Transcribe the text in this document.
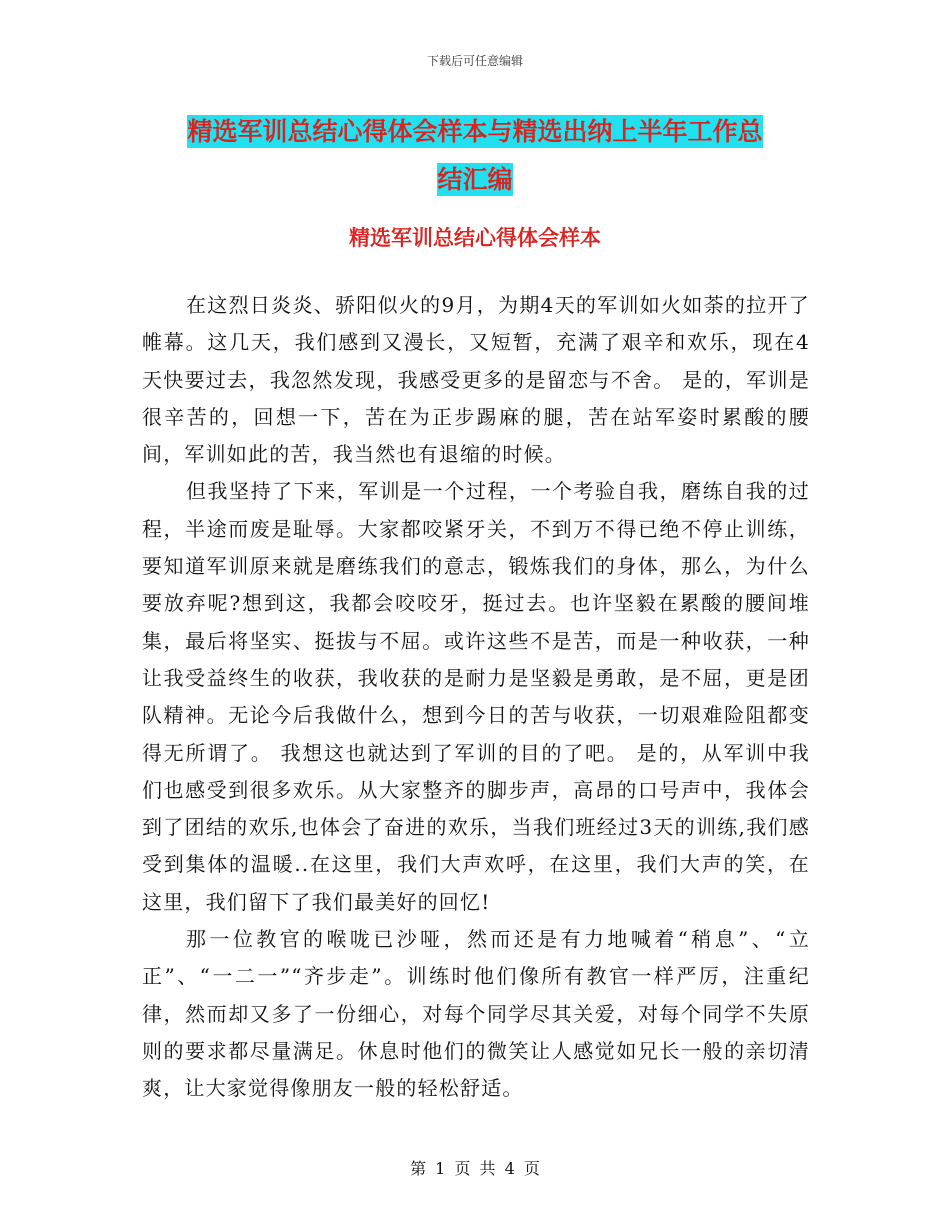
下载后可任意编辑
精选军训总结心得体会样本与精选出纳上半年工作总
结汇编
精选军训总结心得体会样本

在这烈日炎炎、骄阳似火的9月，为期4天的军训如火如荼的拉开了帷幕。这几天，我们感到又漫长，又短暂，充满了艰辛和欢乐，现在4天快要过去，我忽然发现，我感受更多的是留恋与不舍。 是的，军训是很辛苦的，回想一下，苦在为正步踢麻的腿，苦在站军姿时累酸的腰间，军训如此的苦，我当然也有退缩的时候。

但我坚持了下来，军训是一个过程，一个考验自我，磨练自我的过程，半途而废是耻辱。大家都咬紧牙关，不到万不得已绝不停止训练，要知道军训原来就是磨练我们的意志，锻炼我们的身体，那么，为什么要放弃呢?想到这，我都会咬咬牙，挺过去。也许坚毅在累酸的腰间堆集，最后将坚实、挺拔与不屈。或许这些不是苦，而是一种收获，一种让我受益终生的收获，我收获的是耐力是坚毅是勇敢，是不屈，更是团队精神。无论今后我做什么，想到今日的苦与收获，一切艰难险阻都变得无所谓了。 我想这也就达到了军训的目的了吧。 是的，从军训中我们也感受到很多欢乐。从大家整齐的脚步声，高昂的口号声中，我体会到了团结的欢乐,也体会了奋进的欢乐，当我们班经过3天的训练,我们感受到集体的温暖..在这里，我们大声欢呼，在这里，我们大声的笑，在这里，我们留下了我们最美好的回忆!

那一位教官的喉咙已沙哑，然而还是有力地喊着“稍息”、“立正”、“一二一”“齐步走”。训练时他们像所有教官一样严厉，注重纪律，然而却又多了一份细心，对每个同学尽其关爱，对每个同学不失原则的要求都尽量满足。休息时他们的微笑让人感觉如兄长一般的亲切清爽，让大家觉得像朋友一般的轻松舒适。

第 1 页 共 4 页
